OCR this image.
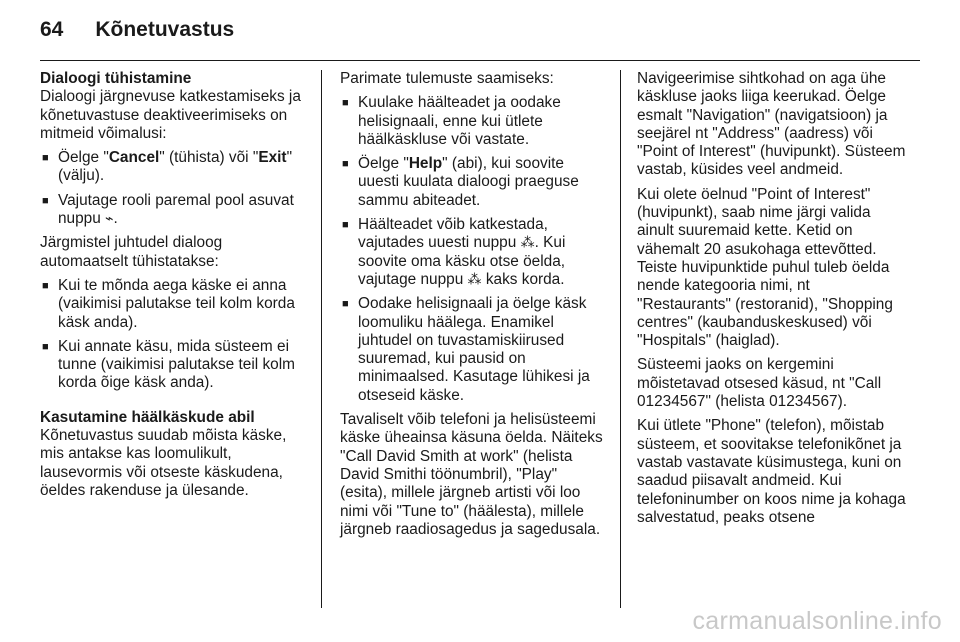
64 Kõnetuvastus

Dialoogi tühistamine

Dialoogi järgnevuse katkestamiseks ja kõnetuvastuse deaktiveerimiseks on mitmeid võimalusi:

■ Öelge "Cancel" (tühista) või "Exit" (välju).
■ Vajutage rooli paremal pool asuvat nuppu ⌁.

Järgmistel juhtudel dialoog automaatselt tühistatakse:

■ Kui te mõnda aega käske ei anna (vaikimisi palutakse teil kolm korda käsk anda).
■ Kui annate käsu, mida süsteem ei tunne (vaikimisi palutakse teil kolm korda õige käsk anda).

Kasutamine häälkäskude abil

Kõnetuvastus suudab mõista käske, mis antakse kas loomulikult, lausevormis või otseste käskudena, öeldes rakenduse ja ülesande.

Parimate tulemuste saamiseks:

■ Kuulake häälteadet ja oodake helisignaali, enne kui ütlete häälkäskluse või vastate.
■ Öelge "Help" (abi), kui soovite uuesti kuulata dialoogi praeguse sammu abiteadet.
■ Häälteadet võib katkestada, vajutades uuesti nuppu ⁂. Kui soovite oma käsku otse öelda, vajutage nuppu ⁂ kaks korda.
■ Oodake helisignaali ja öelge käsk loomuliku häälega. Enamikel juhtudel on tuvastamiskiirused suuremad, kui pausid on minimaalsed. Kasutage lühikesi ja otseseid käske.

Tavaliselt võib telefoni ja helisüsteemi käske üheainsa käsuna öelda. Näiteks "Call David Smith at work" (helista David Smithi töönumbril), "Play" (esita), millele järgneb artisti või loo nimi või "Tune to" (häälesta), millele järgneb raadiosagedus ja sagedusala.

Navigeerimise sihtkohad on aga ühe käskluse jaoks liiga keerukad. Öelge esmalt "Navigation" (navigatsioon) ja seejärel nt "Address" (aadress) või "Point of Interest" (huvipunkt). Süsteem vastab, küsides veel andmeid.

Kui olete öelnud "Point of Interest" (huvipunkt), saab nime järgi valida ainult suuremaid kette. Ketid on vähemalt 20 asukohaga ettevõtted. Teiste huvipunktide puhul tuleb öelda nende kategooria nimi, nt "Restaurants" (restoranid), "Shopping centres" (kaubanduskeskused) või "Hospitals" (haiglad).

Süsteemi jaoks on kergemini mõistetavad otsesed käsud, nt "Call 01234567" (helista 01234567).

Kui ütlete "Phone" (telefon), mõistab süsteem, et soovitakse telefonikõnet ja vastab vastavate küsimustega, kuni on saadud piisavalt andmeid. Kui telefoninumber on koos nime ja kohaga salvestatud, peaks otsene

carmanualsonline.info
